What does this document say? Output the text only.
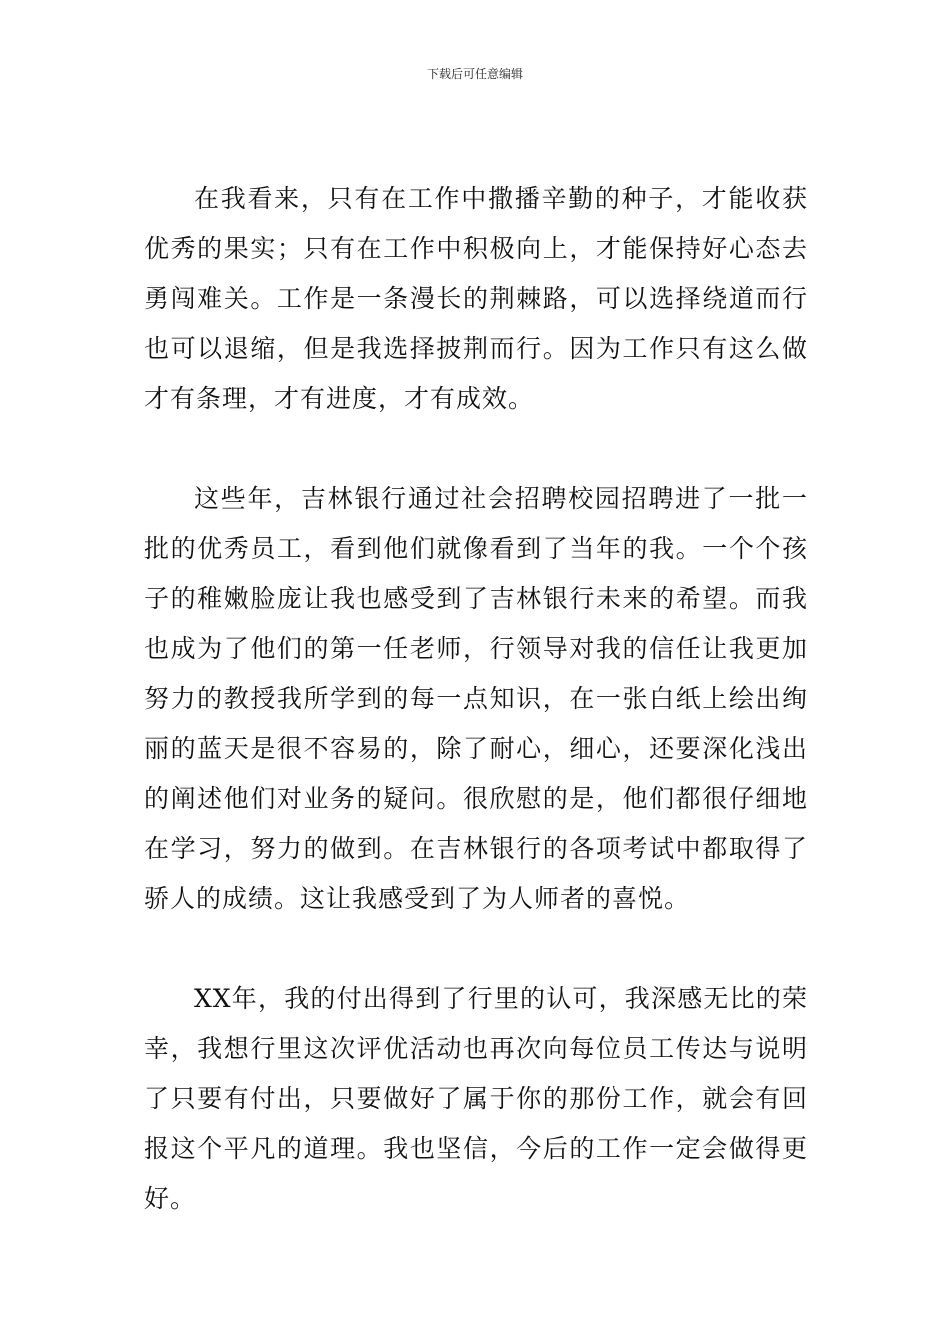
下载后可任意编辑

在我看来，只有在工作中撒播辛勤的种子，才能收获优秀的果实；只有在工作中积极向上，才能保持好心态去勇闯难关。工作是一条漫长的荆棘路，可以选择绕道而行也可以退缩，但是我选择披荆而行。因为工作只有这么做才有条理，才有进度，才有成效。

这些年，吉林银行通过社会招聘校园招聘进了一批一批的优秀员工，看到他们就像看到了当年的我。一个个孩子的稚嫩脸庞让我也感受到了吉林银行未来的希望。而我也成为了他们的第一任老师，行领导对我的信任让我更加努力的教授我所学到的每一点知识，在一张白纸上绘出绚丽的蓝天是很不容易的，除了耐心，细心，还要深化浅出的阐述他们对业务的疑问。很欣慰的是，他们都很仔细地在学习，努力的做到。在吉林银行的各项考试中都取得了骄人的成绩。这让我感受到了为人师者的喜悦。

XX年，我的付出得到了行里的认可，我深感无比的荣幸，我想行里这次评优活动也再次向每位员工传达与说明了只要有付出，只要做好了属于你的那份工作，就会有回报这个平凡的道理。我也坚信，今后的工作一定会做得更好。
